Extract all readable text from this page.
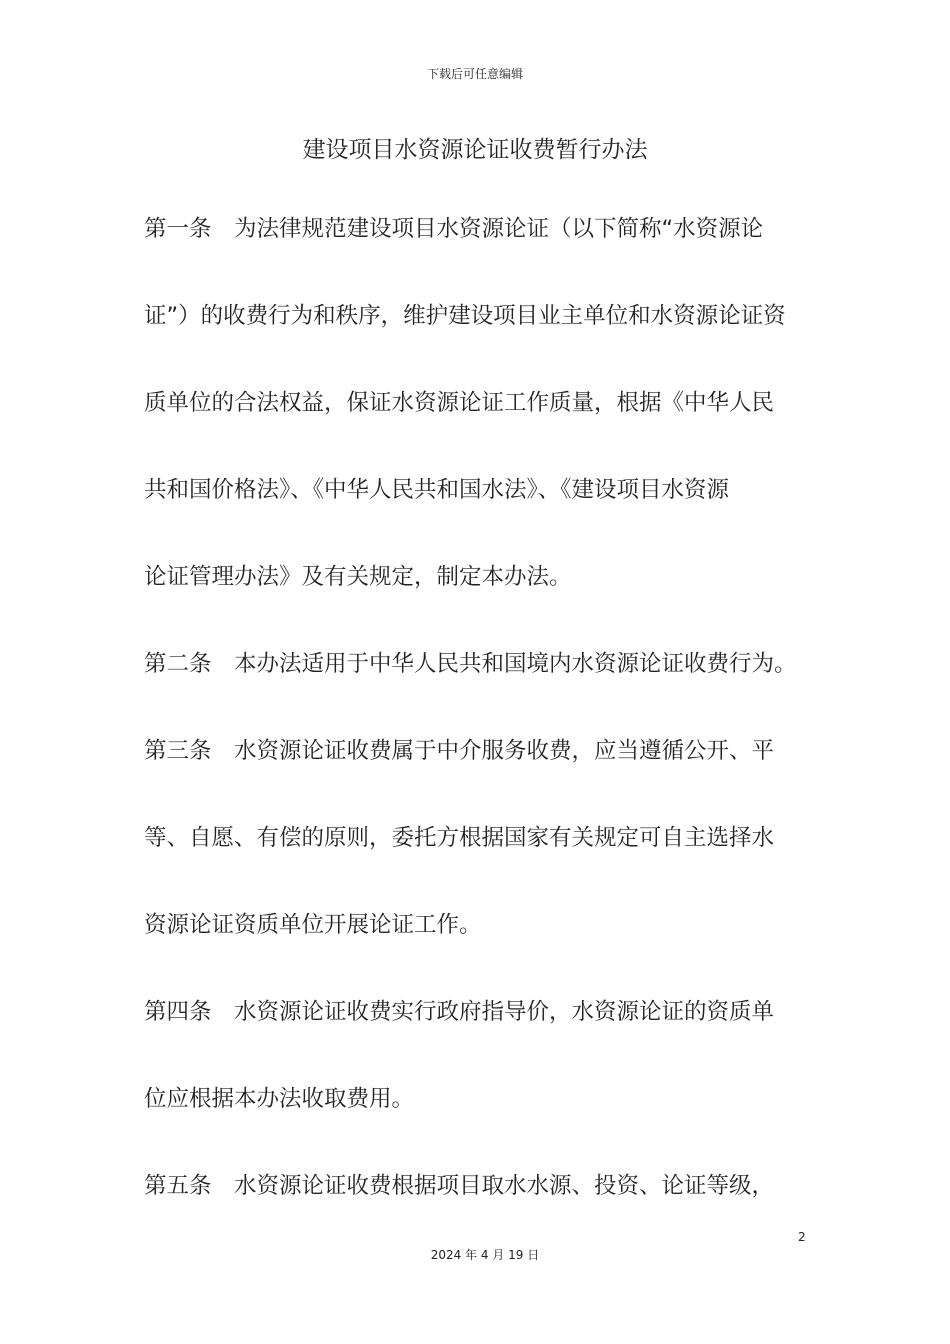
下载后可任意编辑
建设项目水资源论证收费暂行办法
第一条　为法律规范建设项目水资源论证（以下简称“水资源论
证”）的收费行为和秩序，维护建设项目业主单位和水资源论证资
质单位的合法权益，保证水资源论证工作质量，根据《中华人民
共和国价格法》、《中华人民共和国水法》、《建设项目水资源
论证管理办法》及有关规定，制定本办法。
第二条　本办法适用于中华人民共和国境内水资源论证收费行为。
第三条　水资源论证收费属于中介服务收费，应当遵循公开、平
等、自愿、有偿的原则，委托方根据国家有关规定可自主选择水
资源论证资质单位开展论证工作。
第四条　水资源论证收费实行政府指导价，水资源论证的资质单
位应根据本办法收取费用。
第五条　水资源论证收费根据项目取水水源、投资、论证等级，
2
2024 年 4 月 19 日
